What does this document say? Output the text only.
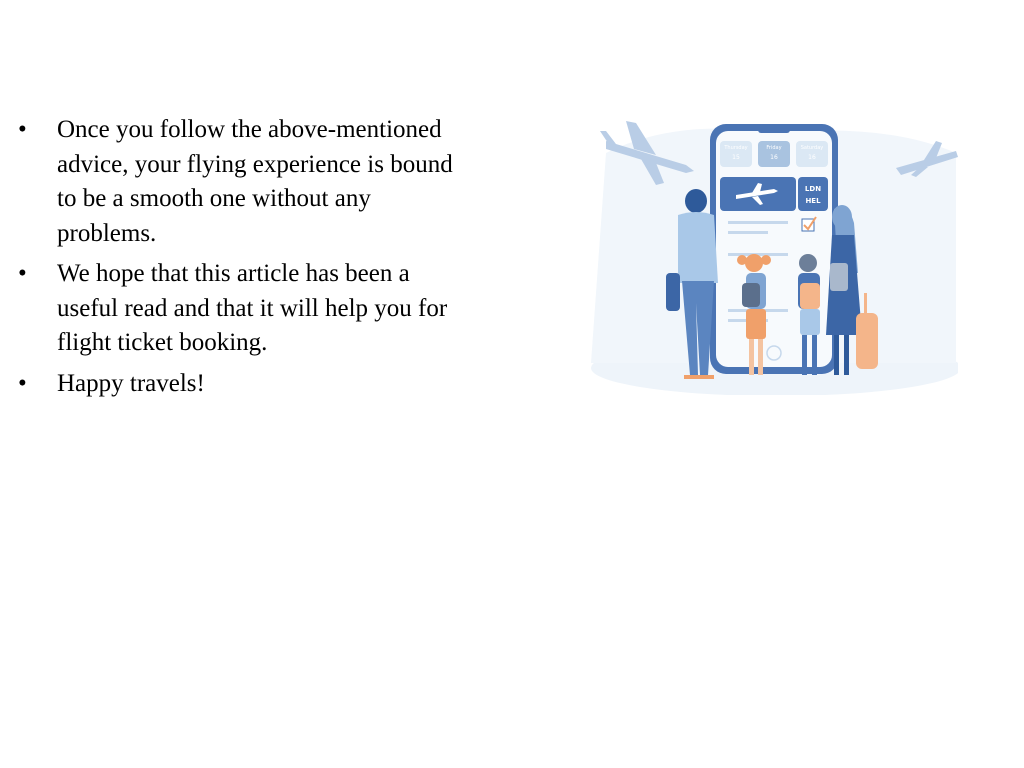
•	Once you follow the above-mentioned advice, your flying experience is bound to be a smooth one without any problems.
•	We hope that this article has been a useful read and that it will help you for flight ticket booking.
•	Happy travels!
Thursday
15
Friday
16
Saturday
16
LDN
HEL
